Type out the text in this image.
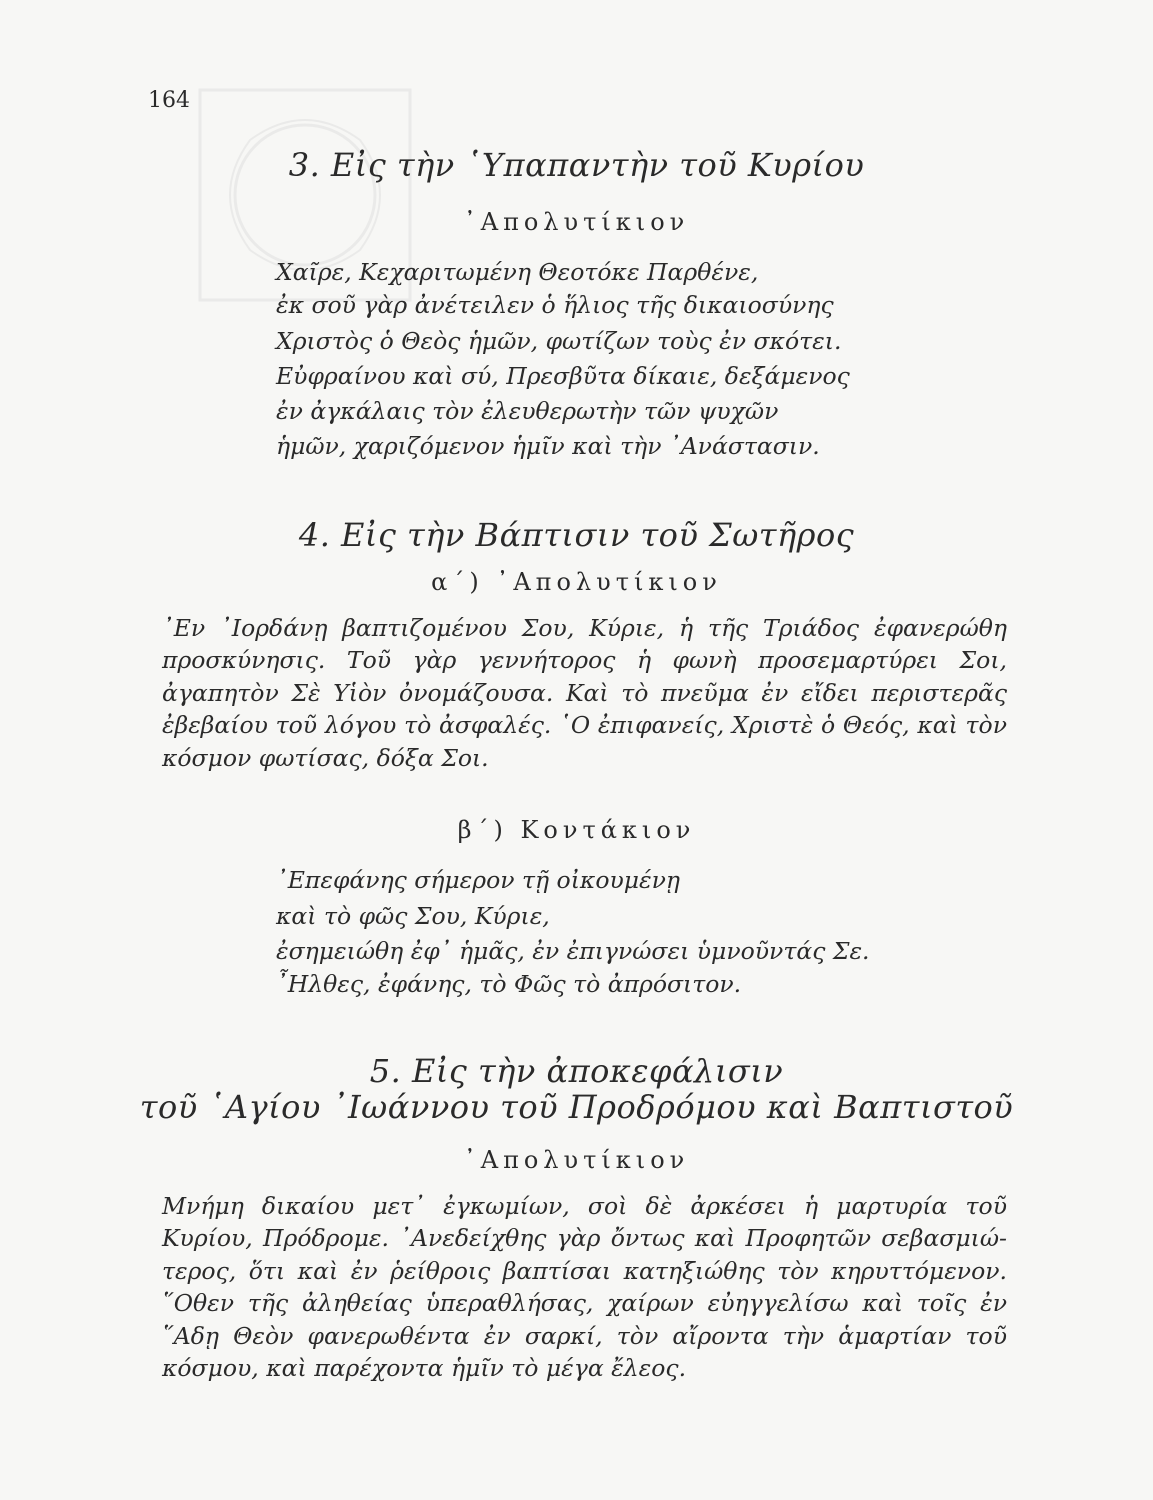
164
3. Εἰς τὴν ῾Υπαπαντὴν τοῦ Κυρίου
᾿Απολυτίκιον
Χαῖρε, Κεχαριτωμένη Θεοτόκε Παρθένε,
ἐκ σοῦ γὰρ ἀνέτειλεν ὁ ἥλιος τῆς δικαιοσύνης
Χριστὸς ὁ Θεὸς ἡμῶν, φωτίζων τοὺς ἐν σκότει.
Εὐφραίνου καὶ σύ, Πρεσβῦτα δίκαιε, δεξάμενος
ἐν ἀγκάλαις τὸν ἐλευθερωτὴν τῶν ψυχῶν
ἡμῶν, χαριζόμενον ἡμῖν καὶ τὴν ᾿Ανάστασιν.
4. Εἰς τὴν Βάπτισιν τοῦ Σωτῆρος
α΄) ᾿Απολυτίκιον
᾿Εν ᾿Ιορδάνῃ βαπτιζομένου Σου, Κύριε, ἡ τῆς Τριάδος ἐφανερώθη
προσκύνησις. Τοῦ γὰρ γεννήτορος ἡ φωνὴ προσεμαρτύρει Σοι,
ἀγαπητὸν Σὲ Υἱὸν ὀνομάζουσα. Καὶ τὸ πνεῦμα ἐν εἴδει περιστερᾶς
ἐβεβαίου τοῦ λόγου τὸ ἀσφαλές. ῾Ο ἐπιφανείς, Χριστὲ ὁ Θεός, καὶ τὸν
κόσμον φωτίσας, δόξα Σοι.
β΄) Κοντάκιον
᾿Επεφάνης σήμερον τῇ οἰκουμένῃ
καὶ τὸ φῶς Σου, Κύριε,
ἐσημειώθη ἐφ᾿ ἡμᾶς, ἐν ἐπιγνώσει ὑμνοῦντάς Σε.
῏Ηλθες, ἐφάνης, τὸ Φῶς τὸ ἀπρόσιτον.
5. Εἰς τὴν ἀποκεφάλισιν
τοῦ ῾Αγίου ᾿Ιωάννου τοῦ Προδρόμου καὶ Βαπτιστοῦ
᾿Απολυτίκιον
Μνήμη δικαίου μετ᾿ ἐγκωμίων, σοὶ δὲ ἀρκέσει ἡ μαρτυρία τοῦ
Κυρίου, Πρόδρομε. ᾿Ανεδείχθης γὰρ ὄντως καὶ Προφητῶν σεβασμιώ-
τερος, ὅτι καὶ ἐν ῥείθροις βαπτίσαι κατηξιώθης τὸν κηρυττόμενον.
῞Οθεν τῆς ἀληθείας ὑπεραθλήσας, χαίρων εὐηγγελίσω καὶ τοῖς ἐν
῞Αδῃ Θεὸν φανερωθέντα ἐν σαρκί, τὸν αἴροντα τὴν ἁμαρτίαν τοῦ
κόσμου, καὶ παρέχοντα ἡμῖν τὸ μέγα ἔλεος.
